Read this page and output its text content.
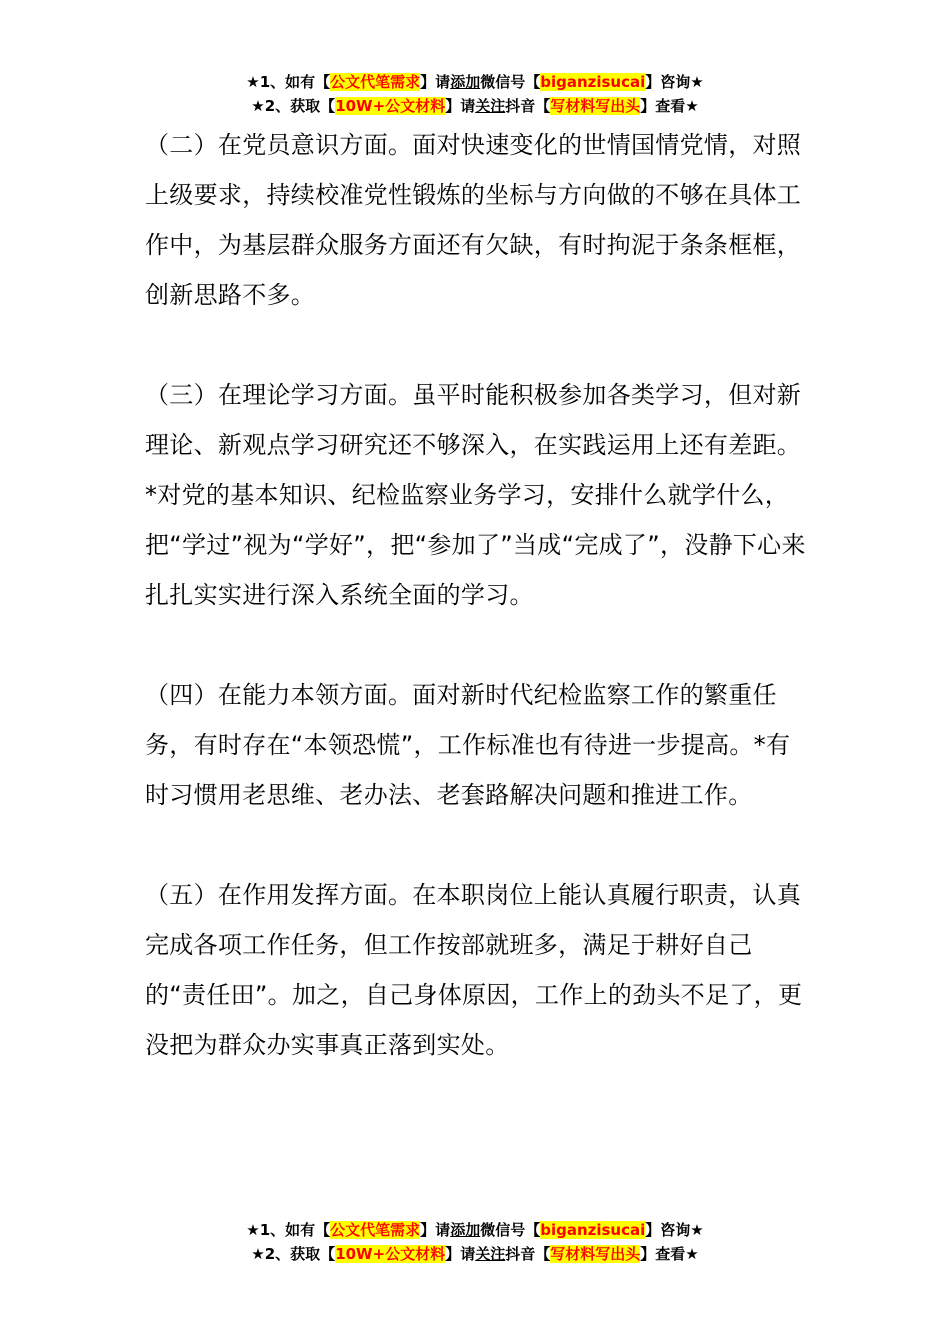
★1、如有【公文代笔需求】请添加微信号【biganzisucai】咨询★
★2、获取【10W+公文材料】请关注抖音【写材料写出头】查看★

（二）在党员意识方面。面对快速变化的世情国情党情，对照上级要求，持续校准党性锻炼的坐标与方向做的不够在具体工作中，为基层群众服务方面还有欠缺，有时拘泥于条条框框，创新思路不多。

（三）在理论学习方面。虽平时能积极参加各类学习，但对新理论、新观点学习研究还不够深入，在实践运用上还有差距。*对党的基本知识、纪检监察业务学习，安排什么就学什么，把“学过”视为“学好”，把“参加了”当成“完成了”，没静下心来扎扎实实进行深入系统全面的学习。

（四）在能力本领方面。面对新时代纪检监察工作的繁重任务，有时存在“本领恐慌”，工作标准也有待进一步提高。*有时习惯用老思维、老办法、老套路解决问题和推进工作。

（五）在作用发挥方面。在本职岗位上能认真履行职责，认真完成各项工作任务，但工作按部就班多，满足于耕好自己的“责任田”。加之，自己身体原因，工作上的劲头不足了，更没把为群众办实事真正落到实处。

★1、如有【公文代笔需求】请添加微信号【biganzisucai】咨询★
★2、获取【10W+公文材料】请关注抖音【写材料写出头】查看★
